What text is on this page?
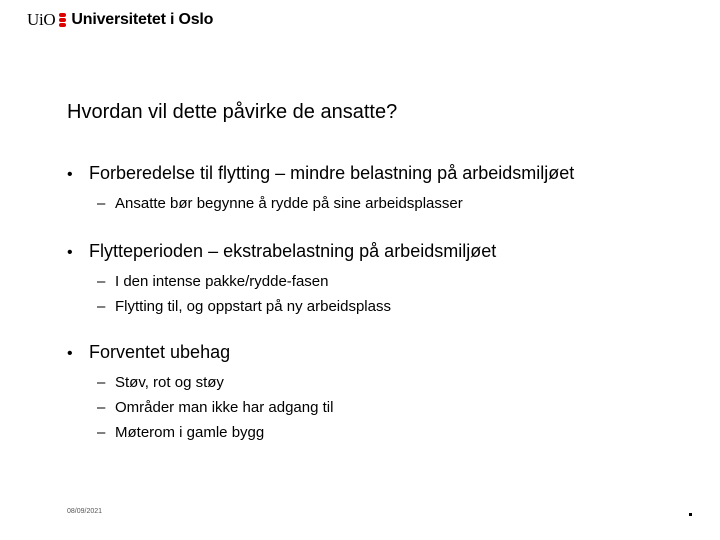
UiO Universitetet i Oslo
Hvordan vil dette påvirke de ansatte?
• Forberedelse til flytting – mindre belastning på arbeidsmiljøet
– Ansatte bør begynne å rydde på sine arbeidsplasser
• Flytteperioden – ekstrabelastning på arbeidsmiljøet
– I den intense pakke/rydde-fasen
– Flytting til, og oppstart på ny arbeidsplass
• Forventet ubehag
– Støv, rot og støy
– Områder man ikke har adgang til
– Møterom i gamle bygg
08/09/2021
